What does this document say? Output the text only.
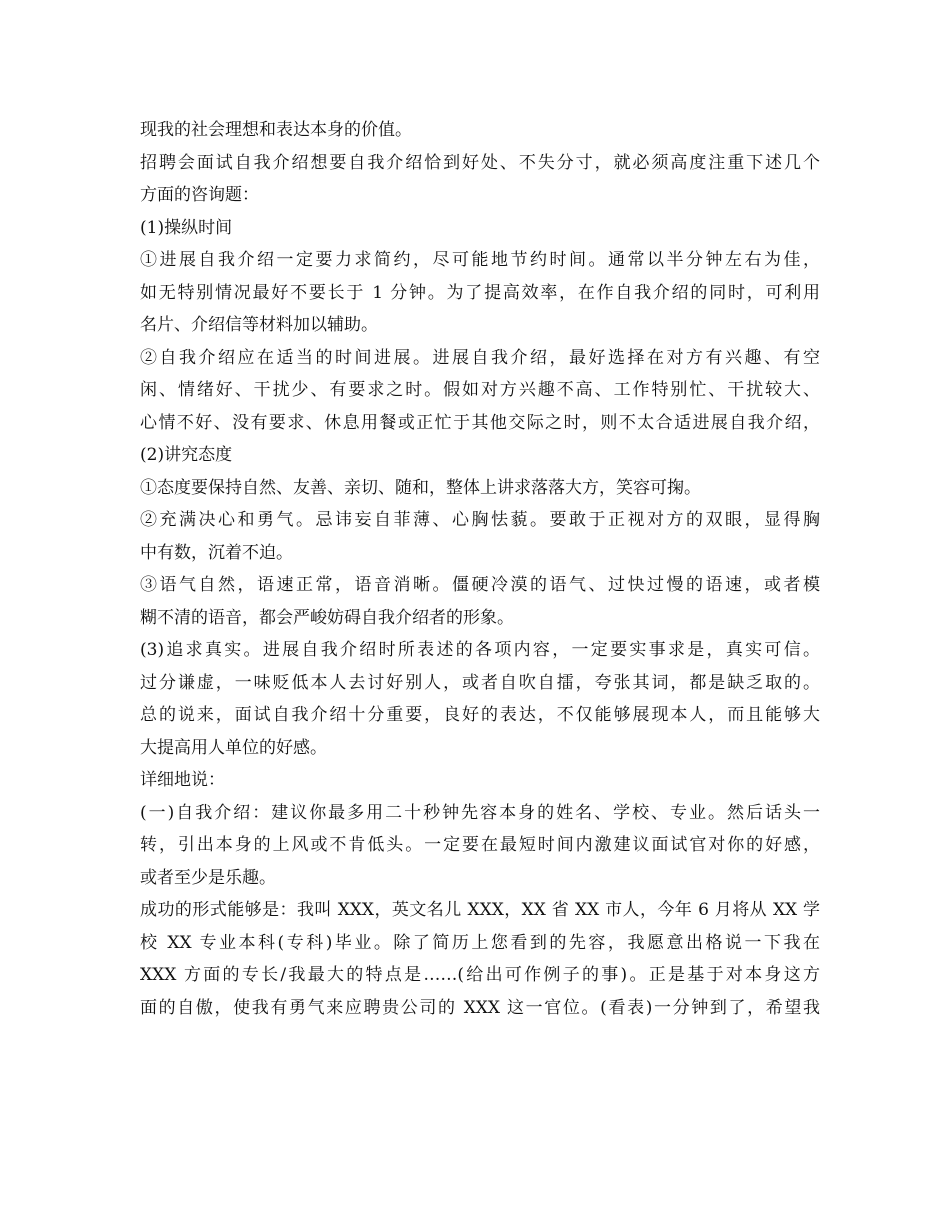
现我的社会理想和表达本身的价值。
招聘会面试自我介绍想要自我介绍恰到好处、不失分寸，就必须高度注重下述几个
方面的咨询题：
(1)操纵时间
①进展自我介绍一定要力求简约，尽可能地节约时间。通常以半分钟左右为佳，
如无特别情况最好不要长于 1 分钟。为了提高效率，在作自我介绍的同时，可利用
名片、介绍信等材料加以辅助。
②自我介绍应在适当的时间进展。进展自我介绍，最好选择在对方有兴趣、有空
闲、情绪好、干扰少、有要求之时。假如对方兴趣不高、工作特别忙、干扰较大、
心情不好、没有要求、休息用餐或正忙于其他交际之时，则不太合适进展自我介绍，
(2)讲究态度
①态度要保持自然、友善、亲切、随和，整体上讲求落落大方，笑容可掬。
②充满决心和勇气。忌讳妄自菲薄、心胸怯藐。要敢于正视对方的双眼，显得胸
中有数，沉着不迫。
③语气自然，语速正常，语音消晰。僵硬冷漠的语气、过快过慢的语速，或者模
糊不清的语音，都会严峻妨碍自我介绍者的形象。
(3)追求真实。进展自我介绍时所表述的各项内容，一定要实事求是，真实可信。
过分谦虚，一味贬低本人去讨好别人，或者自吹自擂，夸张其词，都是缺乏取的。
总的说来，面试自我介绍十分重要，良好的表达，不仅能够展现本人，而且能够大
大提高用人单位的好感。
详细地说：
(一)自我介绍：建议你最多用二十秒钟先容本身的姓名、学校、专业。然后话头一
转，引出本身的上风或不肯低头。一定要在最短时间内激建议面试官对你的好感，
或者至少是乐趣。
成功的形式能够是：我叫 XXX，英文名儿 XXX，XX 省 XX 市人，今年 6 月将从 XX 学
校 XX 专业本科(专科)毕业。除了简历上您看到的先容，我愿意出格说一下我在
XXX 方面的专长/我最大的特点是……(给出可作例子的事)。正是基于对本身这方
面的自傲，使我有勇气来应聘贵公司的 XXX 这一官位。(看表)一分钟到了，希望我
